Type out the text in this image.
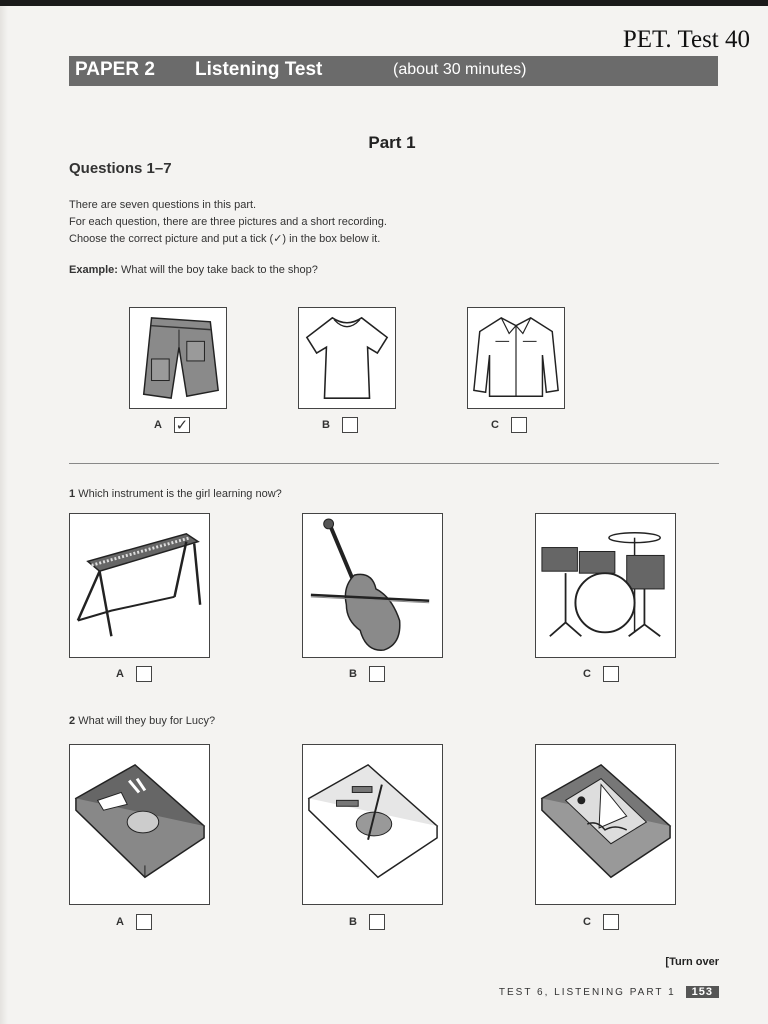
PET. Test 40
PAPER 2 Listening Test	(about 30 minutes)
Part 1
Questions 1–7
There are seven questions in this part.
For each question, there are three pictures and a short recording.
Choose the correct picture and put a tick (✓) in the box below it.
Example: What will the boy take back to the shop?
A ✓	B	C
1 Which instrument is the girl learning now?
A	B	C
2 What will they buy for Lucy?
A	B	C
[Turn over
TEST 6, LISTENING PART 1	153
